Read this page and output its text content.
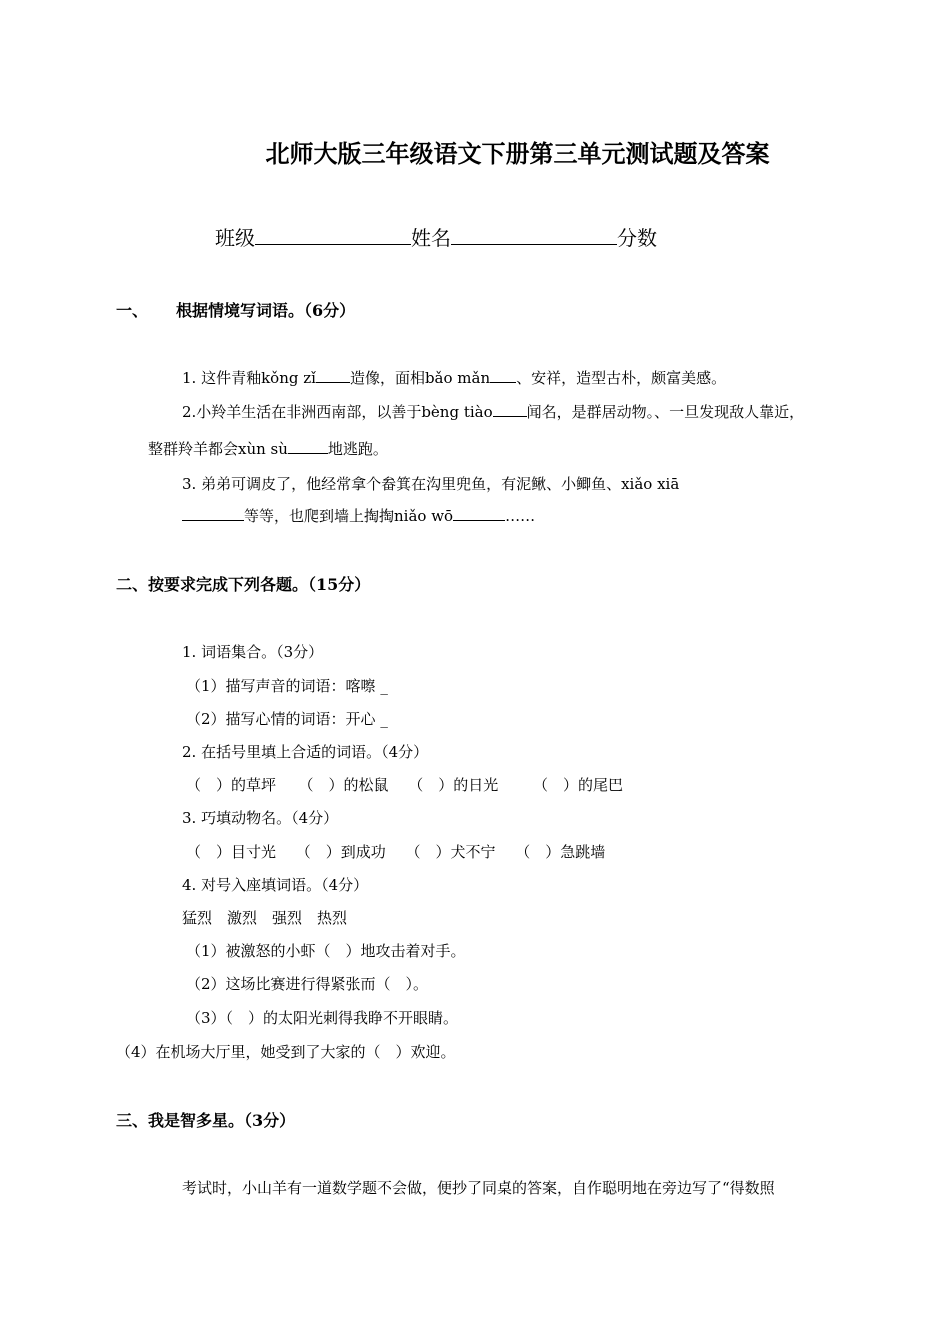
北师大版三年级语文下册第三单元测试题及答案
班级	姓名	分数
一、 根据情境写词语。（6分）
1. 这件青釉kǒng zǐ 造像，面相bǎo mǎn 、安祥，造型古朴，颇富美感。
2.小羚羊生活在非洲西南部，以善于bèng tiào 闻名，是群居动物。、一旦发现敌人靠近，
整群羚羊都会xùn sù	地逃跑。
3. 弟弟可调皮了，他经常拿个畚箕在沟里兜鱼，有泥鳅、小鲫鱼、xiǎo xiā
等等，也爬到墙上掏掏niǎo wō	……
二、按要求完成下列各题。（15分）
1. 词语集合。（3分）
（1）描写声音的词语：喀嚓 _
（2）描写心情的词语：开心 _
2. 在括号里填上合适的词语。（4分）
（　）的草坪　　（　）的松鼠　 （　）的日光　　 （　）的尾巴
3. 巧填动物名。（4分）
（　）目寸光　 （　）到成功　 （　）犬不宁　 （　）急跳墙
4. 对号入座填词语。（4分）
猛烈　激烈　强烈　热烈
（1）被激怒的小虾（　）地攻击着对手。
（2）这场比赛进行得紧张而（　）。
（3）（　）的太阳光刺得我睁不开眼睛。
（4）在机场大厅里，她受到了大家的（　）欢迎。
三、我是智多星。（3分）
考试时，小山羊有一道数学题不会做，便抄了同桌的答案，自作聪明地在旁边写了“得数照
